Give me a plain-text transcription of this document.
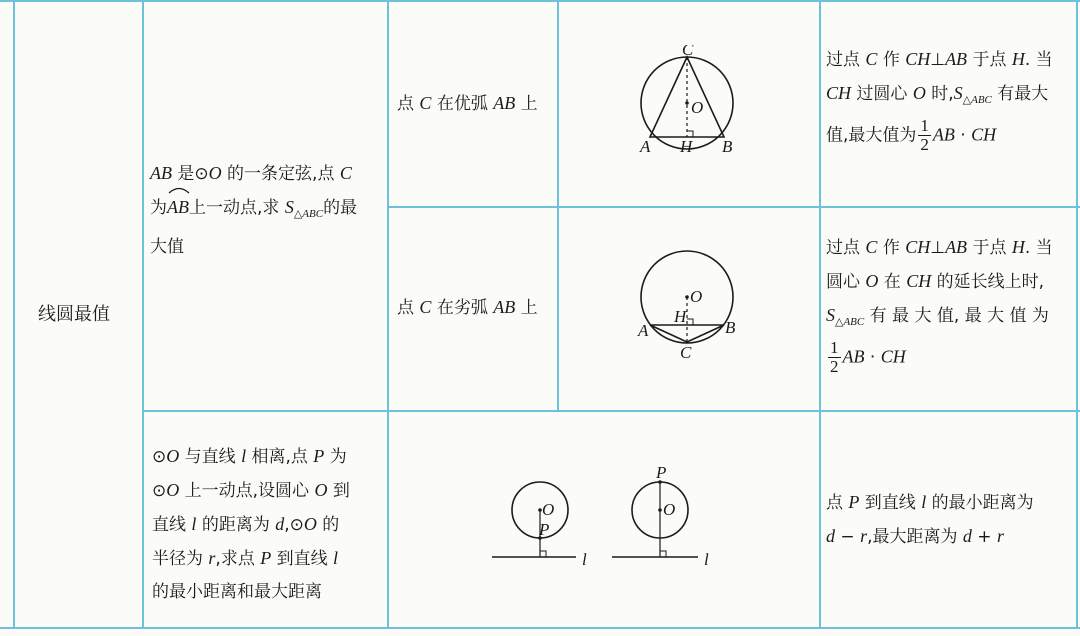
线圆最值
AB 是⊙O 的一条定弦,点 C
为
AB上一动点,求 $S_{\triangle ABC}$的最
大值
点 C 在优弧 AB 上
C
O
A H B
过点 C 作 CH⊥AB 于点 H. 当
CH 过圆心 O 时$,S_{\triangle ABC}$ 有最大
值,最大值为 $\frac{1}{2}$ AB · CH
点 C 在劣弧 AB 上
O
A
H
B
C
过点 C 作 CH⊥AB 于点 H. 当
圆心 O 在 CH 的延长线上时,
$S_{\triangle ABC}$ 有 最 大 值, 最 大 值 为
$\frac{1}{2}$ AB · CH
⊙O 与直线 l 相离,点 P 为
⊙O 上一动点,设圆心 O 到
直线 l 的距离为 d,⊙O 的
半径为 r,求点 P 到直线 l
的最小距离和最大距离
O
P
l
P
O
l
点 P 到直线 l 的最小距离为
d − r,最大距离为 d + r
